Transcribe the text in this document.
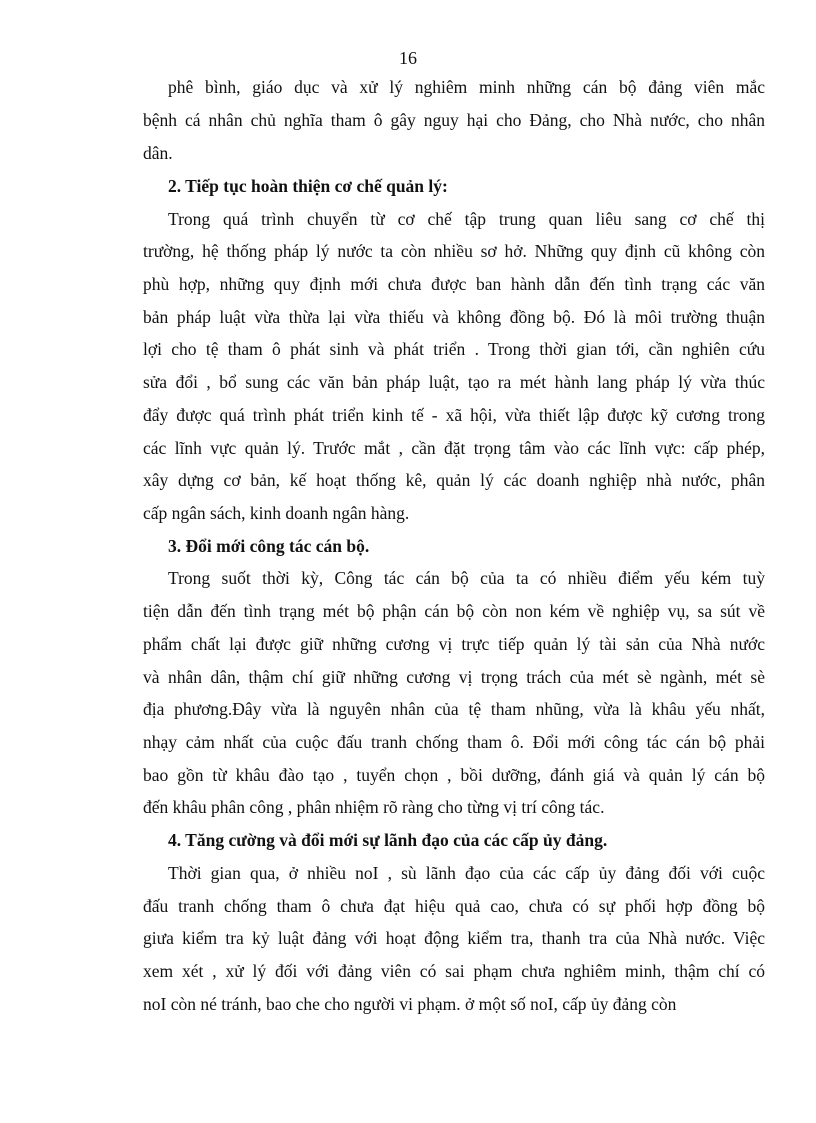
16
phê bình, giáo dục và xử lý nghiêm minh những cán bộ đảng viên mắc
bệnh cá nhân chủ nghĩa tham ô gây nguy hại cho Đảng, cho Nhà nước, cho nhân
dân.
2. Tiếp tục hoàn thiện cơ chế quản lý:
Trong quá trình chuyển từ cơ chế tập trung quan liêu sang cơ chế thị
trường, hệ thống pháp lý nước ta còn nhiều sơ hở. Những quy định cũ không còn
phù hợp, những quy định mới chưa được ban hành dẫn đến tình trạng các văn
bản pháp luật vừa thừa lại vừa thiếu và không đồng bộ. Đó là môi trường thuận
lợi cho tệ tham ô phát sinh và phát triển . Trong thời gian tới, cần nghiên cứu
sửa đổi , bổ sung các văn bản pháp luật, tạo ra mét hành lang pháp lý vừa thúc
đẩy được quá trình phát triển kinh tế - xã hội, vừa thiết lập được kỹ cương trong
các lĩnh vực quản lý. Trước mắt , cần đặt trọng tâm vào các lĩnh vực: cấp phép,
xây dựng cơ bản, kế hoạt thống kê, quản lý các doanh nghiệp nhà nước, phân
cấp ngân sách, kinh doanh ngân hàng.
3. Đổi mới công tác cán bộ.
Trong suốt thời kỳ, Công tác cán bộ của ta có nhiều điểm yếu kém tuỳ
tiện dẫn đến tình trạng mét bộ phận cán bộ còn non kém về nghiệp vụ, sa sút về
phẩm chất lại được giữ những cương vị trực tiếp quản lý tài sản của Nhà nước
và nhân dân, thậm chí giữ những cương vị trọng trách của mét sè ngành, mét sè
địa phương.Đây vừa là nguyên nhân của tệ tham nhũng, vừa là khâu yếu nhất,
nhạy cảm nhất của cuộc đấu tranh chống tham ô. Đổi mới công tác cán bộ phải
bao gồn từ khâu đào tạo , tuyển chọn , bồi dưỡng, đánh giá và quản lý cán bộ
đến khâu phân công , phân nhiệm rõ ràng cho từng vị trí công tác.
4. Tăng cường và đổi mới sự lãnh đạo của các cấp ủy đảng.
Thời gian qua, ở nhiều noI , sù lãnh đạo của các cấp ủy đảng đối với cuộc
đấu tranh chống tham ô chưa đạt hiệu quả cao, chưa có sự phối hợp đồng bộ
giưa kiểm tra kỷ luật đảng với hoạt động kiểm tra, thanh tra của Nhà nước. Việc
xem xét , xử lý đối với đảng viên có sai phạm chưa nghiêm minh, thậm chí có
noI còn né tránh, bao che cho người vi phạm. ở một số noI, cấp ủy đảng còn
